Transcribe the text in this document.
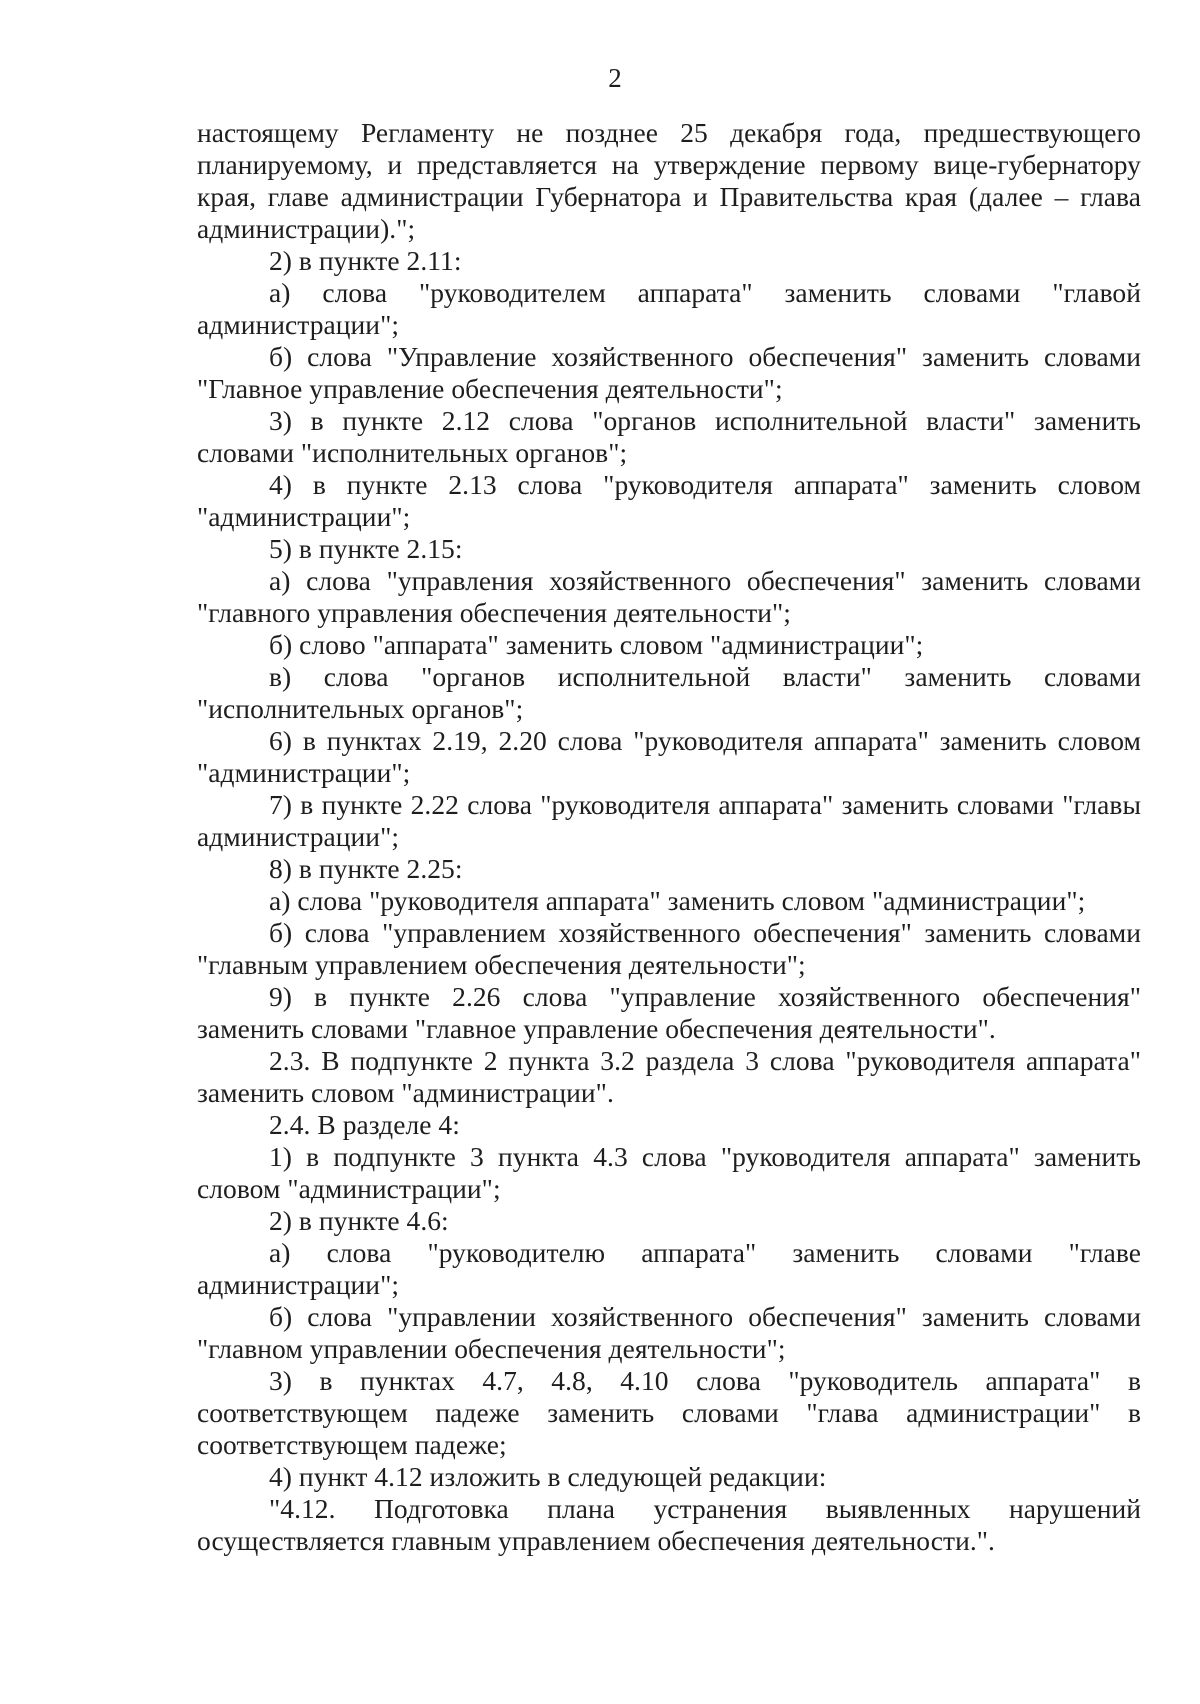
2

настоящему Регламенту не позднее 25 декабря года, предшествующего планируемому, и представляется на утверждение первому вице-губернатору края, главе администрации Губернатора и Правительства края (далее – глава администрации).";

2) в пункте 2.11:

а) слова "руководителем аппарата" заменить словами "главой администрации";

б) слова "Управление хозяйственного обеспечения" заменить словами "Главное управление обеспечения деятельности";

3) в пункте 2.12 слова "органов исполнительной власти" заменить словами "исполнительных органов";

4) в пункте 2.13 слова "руководителя аппарата" заменить словом "администрации";

5) в пункте 2.15:

а) слова "управления хозяйственного обеспечения" заменить словами "главного управления обеспечения деятельности";

б) слово "аппарата" заменить словом "администрации";

в) слова "органов исполнительной власти" заменить словами "исполнительных органов";

6) в пунктах 2.19, 2.20 слова "руководителя аппарата" заменить словом "администрации";

7) в пункте 2.22 слова "руководителя аппарата" заменить словами "главы администрации";

8) в пункте 2.25:

а) слова "руководителя аппарата" заменить словом "администрации";

б) слова "управлением хозяйственного обеспечения" заменить словами "главным управлением обеспечения деятельности";

9) в пункте 2.26 слова "управление хозяйственного обеспечения" заменить словами "главное управление обеспечения деятельности".

2.3. В подпункте 2 пункта 3.2 раздела 3 слова "руководителя аппарата" заменить словом "администрации".

2.4. В разделе 4:

1) в подпункте 3 пункта 4.3 слова "руководителя аппарата" заменить словом "администрации";

2) в пункте 4.6:

а) слова "руководителю аппарата" заменить словами "главе администрации";

б) слова "управлении хозяйственного обеспечения" заменить словами "главном управлении обеспечения деятельности";

3) в пунктах 4.7, 4.8, 4.10 слова "руководитель аппарата" в соответствующем падеже заменить словами "глава администрации" в соответствующем падеже;

4) пункт 4.12 изложить в следующей редакции:

"4.12. Подготовка плана устранения выявленных нарушений осуществляется главным управлением обеспечения деятельности.".
